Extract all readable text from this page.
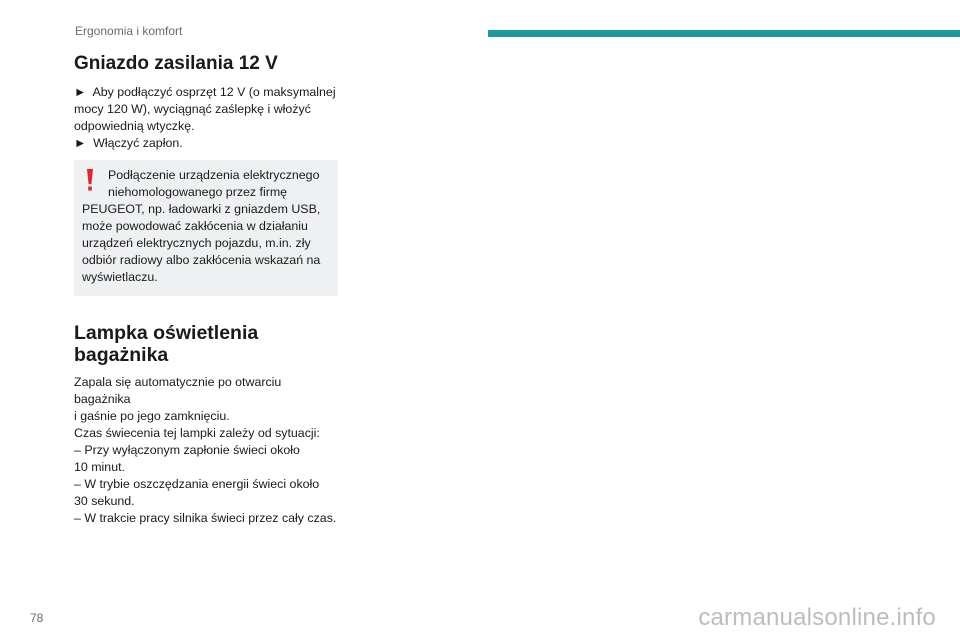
Ergonomia i komfort
Gniazdo zasilania 12 V

► Aby podłączyć osprzęt 12 V (o maksymalnej

mocy 120 W), wyciągnąć zaślepkę i włożyć

odpowiednią wtyczkę.

► Włączyć zapłon.

Podłączenie urządzenia elektrycznego

niehomologowanego przez firmę

PEUGEOT, np. ładowarki z gniazdem USB,

może powodować zakłócenia w działaniu

urządzeń elektrycznych pojazdu, m.in. zły

odbiór radiowy albo zakłócenia wskazań na

wyświetlaczu.

Lampka oświetlenia
bagażnika

Zapala się automatycznie po otwarciu bagażnika

i gaśnie po jego zamknięciu.

Czas świecenia tej lampki zależy od sytuacji:

– Przy wyłączonym zapłonie świeci około

10 minut.

– W trybie oszczędzania energii świeci około

30 sekund.

– W trakcie pracy silnika świeci przez cały czas.

78	carmanualsonline.info
